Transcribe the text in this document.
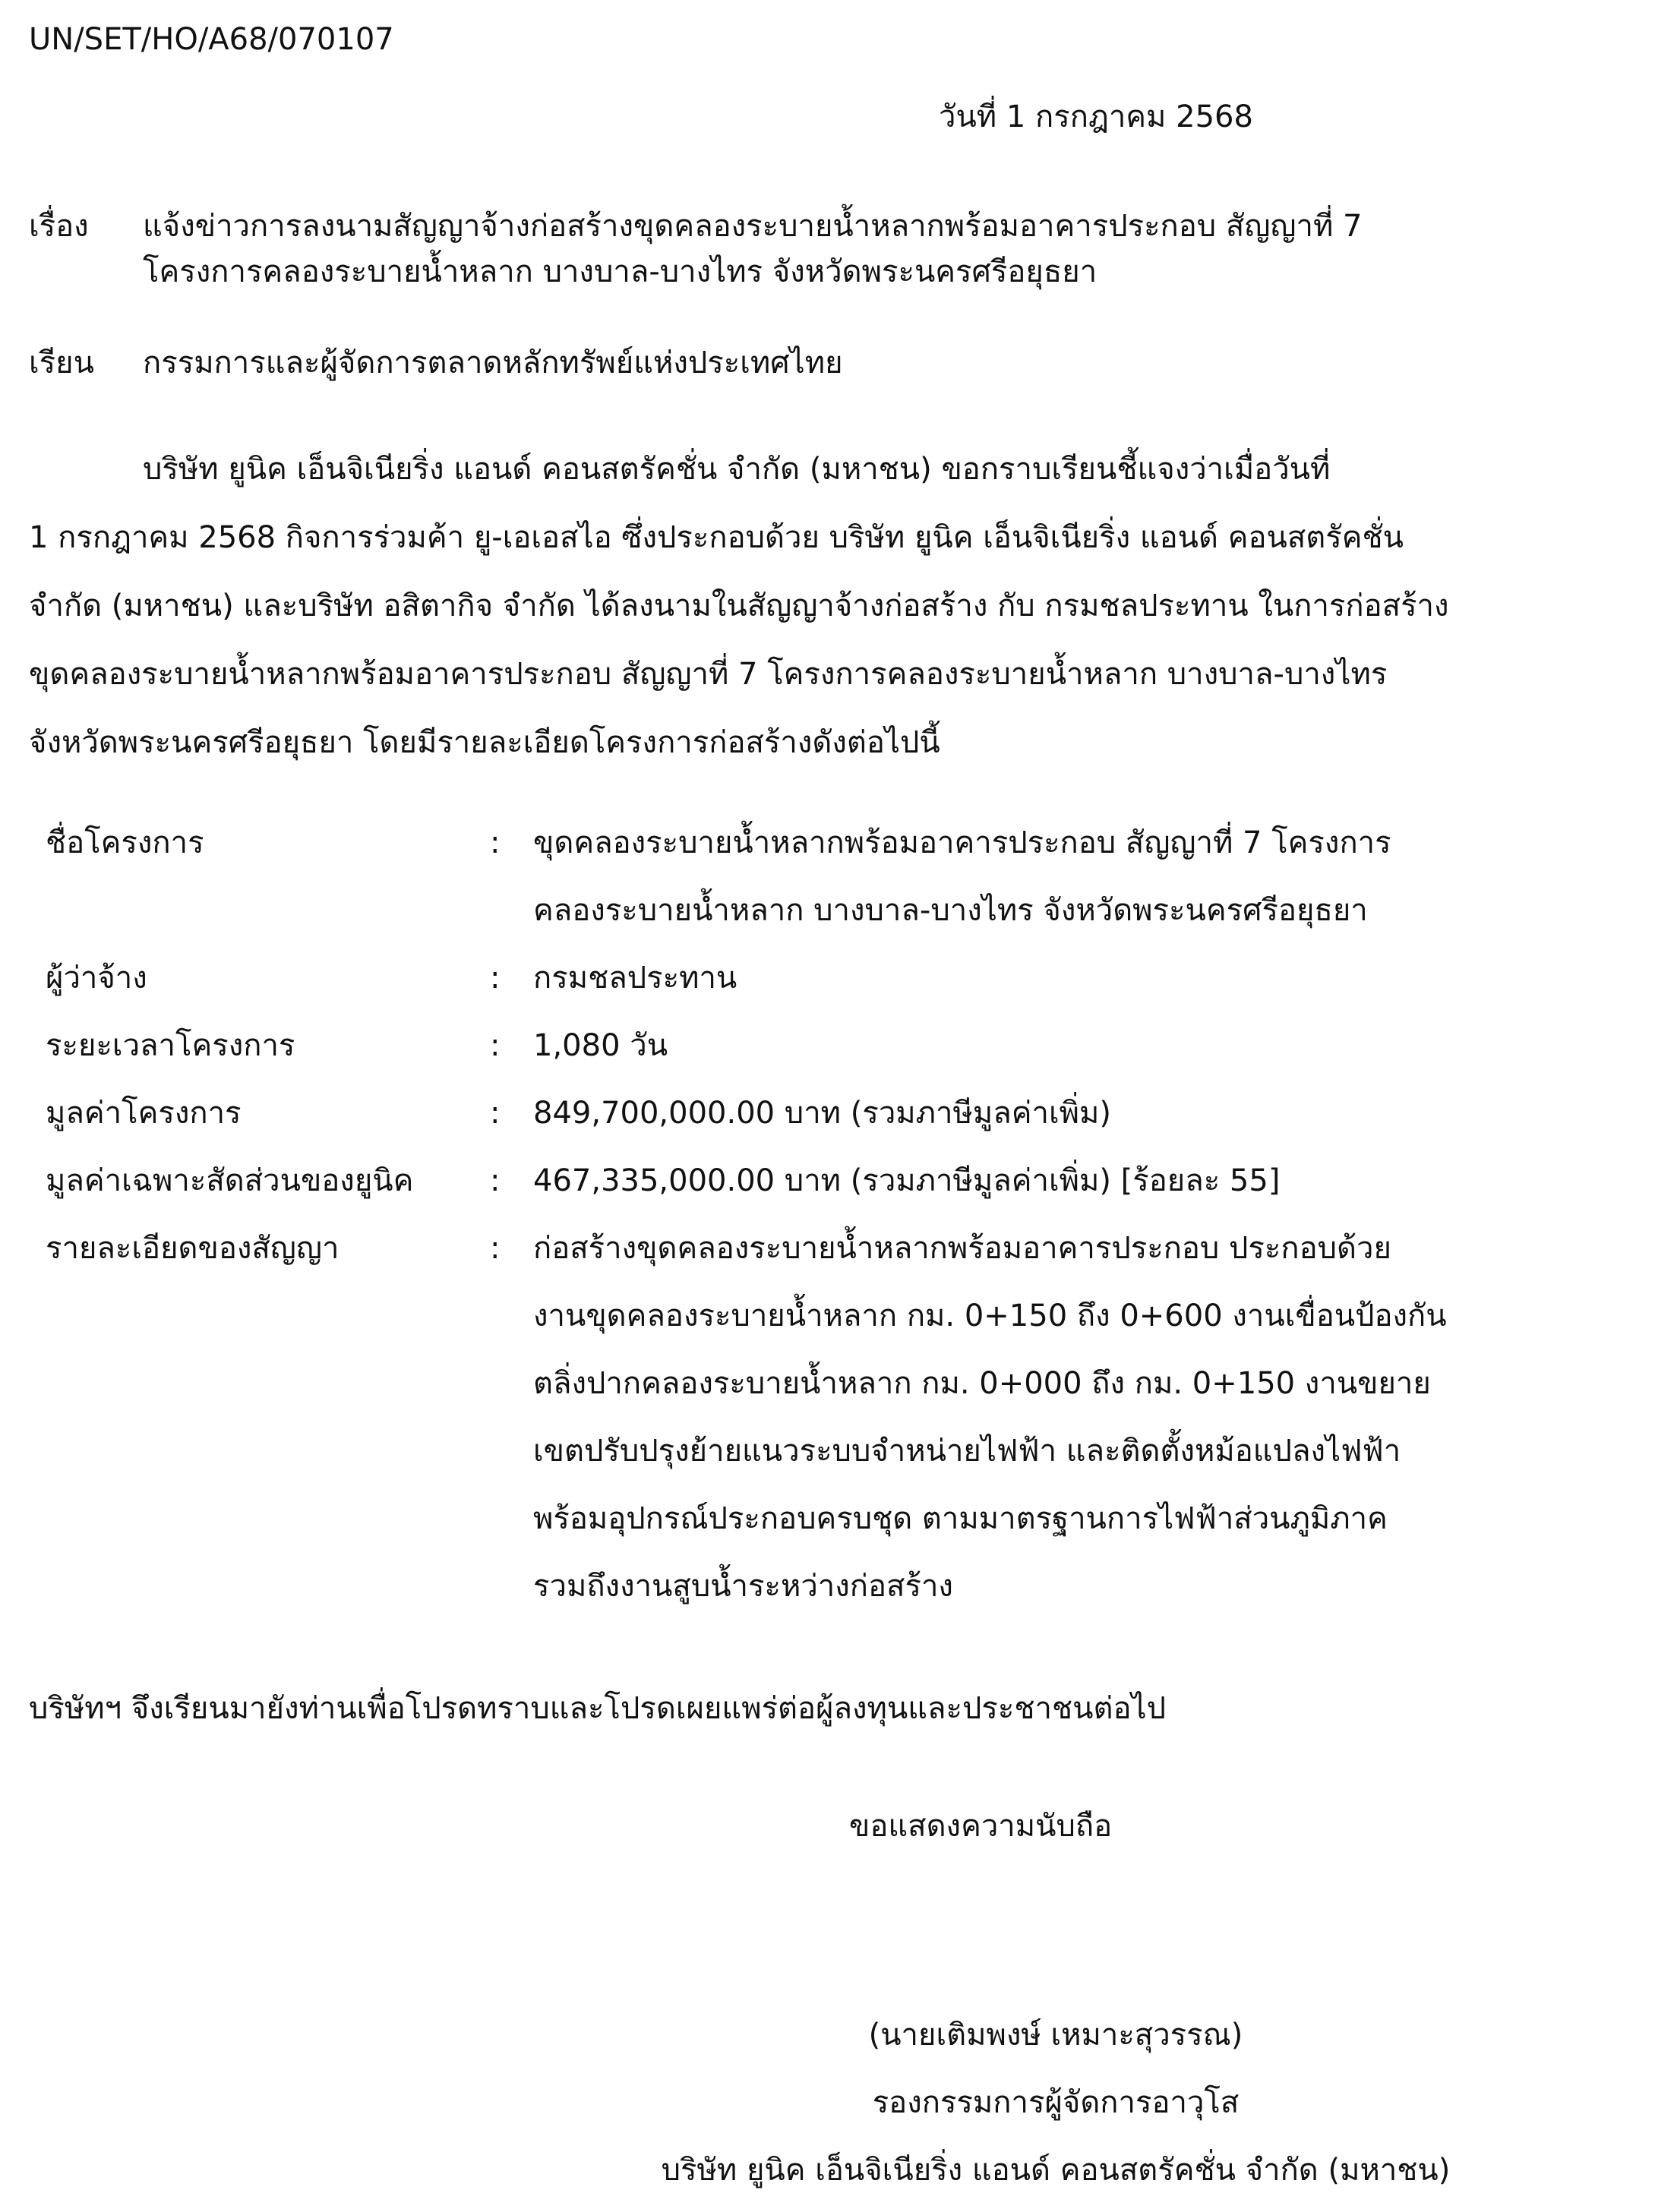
UN/SET/HO/A68/070107
วันที่ 1 กรกฎาคม 2568
เรื่อง	แจ้งข่าวการลงนามสัญญาจ้างก่อสร้างขุดคลองระบายน้ำหลากพร้อมอาคารประกอบ สัญญาที่ 7
โครงการคลองระบายน้ำหลาก บางบาล-บางไทร จังหวัดพระนครศรีอยุธยา
เรียน	กรรมการและผู้จัดการตลาดหลักทรัพย์แห่งประเทศไทย
บริษัท ยูนิค เอ็นจิเนียริ่ง แอนด์ คอนสตรัคชั่น จำกัด (มหาชน) ขอกราบเรียนชี้แจงว่าเมื่อวันที่
1 กรกฎาคม 2568 กิจการร่วมค้า ยู-เอเอสไอ ซึ่งประกอบด้วย บริษัท ยูนิค เอ็นจิเนียริ่ง แอนด์ คอนสตรัคชั่น
จำกัด (มหาชน) และบริษัท อสิตากิจ จำกัด ได้ลงนามในสัญญาจ้างก่อสร้าง กับ กรมชลประทาน ในการก่อสร้าง
ขุดคลองระบายน้ำหลากพร้อมอาคารประกอบ สัญญาที่ 7 โครงการคลองระบายน้ำหลาก บางบาล-บางไทร
จังหวัดพระนครศรีอยุธยา โดยมีรายละเอียดโครงการก่อสร้างดังต่อไปนี้
ชื่อโครงการ	:	ขุดคลองระบายน้ำหลากพร้อมอาคารประกอบ สัญญาที่ 7 โครงการ
คลองระบายน้ำหลาก บางบาล-บางไทร จังหวัดพระนครศรีอยุธยา
ผู้ว่าจ้าง	:	กรมชลประทาน
ระยะเวลาโครงการ	:	1,080 วัน
มูลค่าโครงการ	:	849,700,000.00 บาท (รวมภาษีมูลค่าเพิ่ม)
มูลค่าเฉพาะสัดส่วนของยูนิค	:	467,335,000.00 บาท (รวมภาษีมูลค่าเพิ่ม) [ร้อยละ 55]
รายละเอียดของสัญญา	:	ก่อสร้างขุดคลองระบายน้ำหลากพร้อมอาคารประกอบ ประกอบด้วย
งานขุดคลองระบายน้ำหลาก กม. 0+150 ถึง 0+600 งานเขื่อนป้องกัน
ตลิ่งปากคลองระบายน้ำหลาก กม. 0+000 ถึง กม. 0+150 งานขยาย
เขตปรับปรุงย้ายแนวระบบจำหน่ายไฟฟ้า และติดตั้งหม้อแปลงไฟฟ้า
พร้อมอุปกรณ์ประกอบครบชุด ตามมาตรฐานการไฟฟ้าส่วนภูมิภาค
รวมถึงงานสูบน้ำระหว่างก่อสร้าง
บริษัทฯ จึงเรียนมายังท่านเพื่อโปรดทราบและโปรดเผยแพร่ต่อผู้ลงทุนและประชาชนต่อไป
ขอแสดงความนับถือ
(นายเติมพงษ์ เหมาะสุวรรณ)
รองกรรมการผู้จัดการอาวุโส
บริษัท ยูนิค เอ็นจิเนียริ่ง แอนด์ คอนสตรัคชั่น จำกัด (มหาชน)
